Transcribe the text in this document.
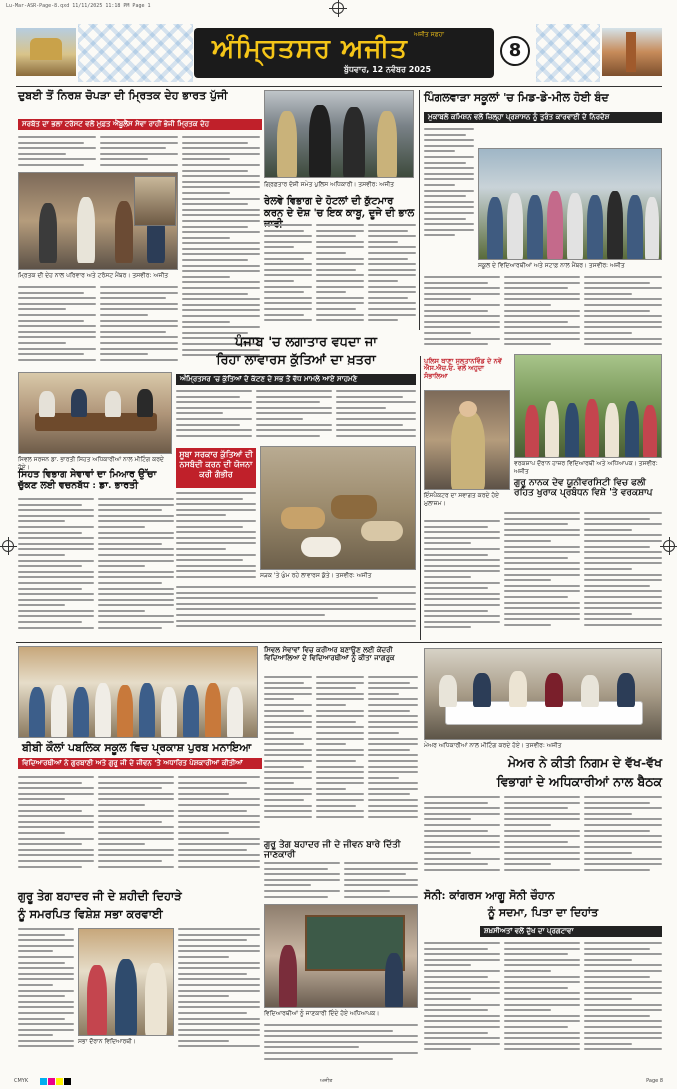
Lu-Mar-ASR-Page-8.qxd 11/11/2025 11:18 PM Page 1
ਅਜੀਤ ਸਫ਼ਹਾ
ਅੰਮ੍ਰਿਤਸਰ ਅਜੀਤ
ਬੁੱਧਵਾਰ, 12 ਨਵੰਬਰ 2025
8
ਦੁਬਈ ਤੋਂ ਨਿਰਸ਼ ਚੋਪੜਾ ਦੀ ਮ੍ਰਿਤਕ ਦੇਹ ਭਾਰਤ ਪੁੱਜੀ
ਸਰਬੱਤ ਦਾ ਭਲਾ ਟਰੱਸਟ ਵਲੋਂ ਮੁਫ਼ਤ ਐਂਬੂਲੈਂਸ ਸੇਵਾ ਰਾਹੀਂ ਭੇਜੀ ਮ੍ਰਿਤਕ ਦੇਹ
ਮ੍ਰਿਤਕ ਦੀ ਦੇਹ ਨਾਲ ਪਰਿਵਾਰ ਅਤੇ ਟਰੱਸਟ ਮੈਂਬਰ। ਤਸਵੀਰ: ਅਜੀਤ
ਗ੍ਰਿਫ਼ਤਾਰ ਦੋਸ਼ੀ ਸਮੇਤ ਪੁਲਿਸ ਅਧਿਕਾਰੀ। ਤਸਵੀਰ: ਅਜੀਤ
ਰੇਲਵੇ ਵਿਭਾਗ ਦੇ ਹੋਟਲਾਂ ਦੀ ਕੁੱਟਮਾਰ ਕਰਨ ਦੇ ਦੋਸ਼ 'ਚ ਇਕ ਕਾਬੂ, ਦੂਜੇ ਦੀ ਭਾਲ
ਪਿੰਗਲਵਾੜਾ ਸਕੂਲਾਂ 'ਚ ਮਿਡ-ਡੇ-ਮੀਲ ਹੋਈ ਬੰਦ
ਮੁਕਾਬਲੇ ਕਮਿਸ਼ਨ ਵਲੋਂ ਜ਼ਿਲ੍ਹਾ ਪ੍ਰਸ਼ਾਸਨ ਨੂੰ ਤੁਰੰਤ ਕਾਰਵਾਈ ਦੇ ਨਿਰਦੇਸ਼
ਸਕੂਲ ਦੇ ਵਿਦਿਆਰਥੀਆਂ ਅਤੇ ਸਟਾਫ਼ ਨਾਲ ਮੈਂਬਰ। ਤਸਵੀਰ: ਅਜੀਤ
ਪੰਜਾਬ 'ਚ ਲਗਾਤਾਰ ਵਧਦਾ ਜਾ
ਰਿਹਾ ਲਾਵਾਰਸ ਕੁੱਤਿਆਂ ਦਾ ਖ਼ਤਰਾ
ਅੰਮ੍ਰਿਤਸਰ 'ਚ ਕੁੱਤਿਆਂ ਦੇ ਕੱਟਣ ਦੇ ਸਭ ਤੋਂ ਵੱਧ ਮਾਮਲੇ ਆਏ ਸਾਹਮਣੇ
ਸੂਬਾ ਸਰਕਾਰ ਕੁੱਤਿਆਂ ਦੀ ਨਸਬੰਦੀ ਕਰਨ ਦੀ ਯੋਜਨਾ ਕਰੀ ਗੰਭੀਰ
ਸੜਕ 'ਤੇ ਘੁੰਮ ਰਹੇ ਲਾਵਾਰਸ ਕੁੱਤੇ। ਤਸਵੀਰ: ਅਜੀਤ
ਸਿਵਲ ਸਰਜਨ ਡਾ. ਭਾਰਤੀ ਸਿਹਤ ਅਧਿਕਾਰੀਆਂ ਨਾਲ ਮੀਟਿੰਗ ਕਰਦੇ ਹੋਏ।
ਸਿਹਤ ਵਿਭਾਗ ਸੇਵਾਵਾਂ ਦਾ ਮਿਆਰ ਉੱਚਾ ਚੁੱਕਣ ਲਈ ਵਚਨਬੱਧ : ਡਾ. ਭਾਰਤੀ
ਪੁਲਿਸ ਥਾਣਾ ਸੁਲਤਾਨਵਿੰਡ ਦੇ ਨਵੇਂ ਐਸ.ਐਚ.ਓ. ਵਲੋਂ ਅਹੁਦਾ ਸੰਭਾਲਿਆ
ਇੰਸਪੈਕਟਰ ਦਾ ਸਵਾਗਤ ਕਰਦੇ ਹੋਏ ਮੁਲਾਜ਼ਮ।
ਵਰਕਸ਼ਾਪ ਦੌਰਾਨ ਹਾਜ਼ਰ ਵਿਦਿਆਰਥੀ ਅਤੇ ਅਧਿਆਪਕ। ਤਸਵੀਰ: ਅਜੀਤ
ਗੁਰੂ ਨਾਨਕ ਦੇਵ ਯੂਨੀਵਰਸਿਟੀ ਵਿਚ ਫਲੀ ਰਹਿਤ ਖੁਰਾਕ ਪ੍ਰਬੰਧਨ ਵਿਸ਼ੇ 'ਤੇ ਵਰਕਸ਼ਾਪ
ਬੀਬੀ ਕੌਲਾਂ ਪਬਲਿਕ ਸਕੂਲ ਵਿਚ ਪ੍ਰਕਾਸ਼ ਪੁਰਬ ਮਨਾਇਆ
ਵਿਦਿਆਰਥੀਆਂ ਨੇ ਗੁਰਬਾਣੀ ਅਤੇ ਗੁਰੂ ਜੀ ਦੇ ਜੀਵਨ 'ਤੇ ਅਧਾਰਿਤ ਪੇਸ਼ਕਾਰੀਆਂ ਕੀਤੀਆਂ
ਸਿਵਲ ਸੇਵਾਵਾਂ ਵਿਚ ਕਰੀਅਰ ਬਣਾਉਣ ਲਈ ਕੇਂਦਰੀ ਵਿਦਿਆਲਿਆ ਦੇ ਵਿਦਿਆਰਥੀਆਂ ਨੂੰ ਕੀਤਾ ਜਾਗਰੂਕ
ਮੇਅਰ ਅਧਿਕਾਰੀਆਂ ਨਾਲ ਮੀਟਿੰਗ ਕਰਦੇ ਹੋਏ। ਤਸਵੀਰ: ਅਜੀਤ
ਮੇਅਰ ਨੇ ਕੀਤੀ ਨਿਗਮ ਦੇ ਵੱਖ-ਵੱਖ
ਵਿਭਾਗਾਂ ਦੇ ਅਧਿਕਾਰੀਆਂ ਨਾਲ ਬੈਠਕ
ਗੁਰੂ ਤੇਗ ਬਹਾਦਰ ਜੀ ਦੇ ਜੀਵਨ ਬਾਰੇ ਦਿੱਤੀ ਜਾਣਕਾਰੀ
ਵਿਦਿਆਰਥੀਆਂ ਨੂੰ ਜਾਣਕਾਰੀ ਦਿੰਦੇ ਹੋਏ ਅਧਿਆਪਕ।
ਗੁਰੂ ਤੇਗ ਬਹਾਦਰ ਜੀ ਦੇ ਸ਼ਹੀਦੀ ਦਿਹਾੜੇ
ਨੂੰ ਸਮਰਪਿਤ ਵਿਸ਼ੇਸ਼ ਸਭਾ ਕਰਵਾਈ
ਸਭਾ ਦੌਰਾਨ ਵਿਦਿਆਰਥੀ।
ਸੋਨੀ: ਕਾਂਗਰਸ ਆਗੂ ਸੋਨੀ ਚੌਹਾਨ
ਨੂੰ ਸਦਮਾ, ਪਿਤਾ ਦਾ ਦਿਹਾਂਤ
ਸ਼ਖ਼ਸੀਅਤਾਂ ਵਲੋਂ ਦੁੱਖ ਦਾ ਪ੍ਰਗਟਾਵਾ
CMYK	ਅਜੀਤ	Page 8
